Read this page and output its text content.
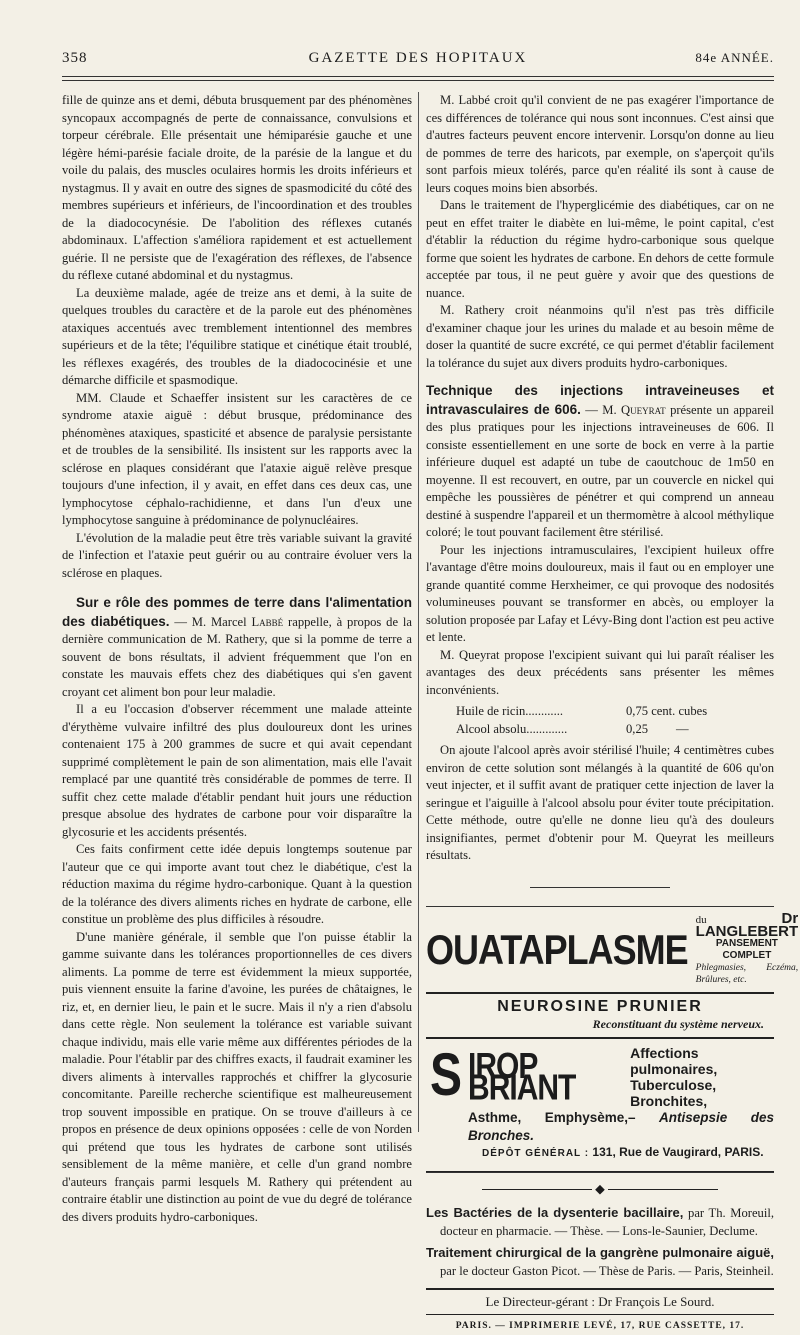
358	GAZETTE DES HOPITAUX	84e ANNÉE.

fille de quinze ans et demi, débuta brusquement par des phénomènes syncopaux accompagnés de perte de connaissance, convulsions et torpeur cérébrale. Elle présentait une hémiparésie gauche et une légère hémi-parésie faciale droite, de la parésie de la langue et du voile du palais, des muscles oculaires hormis les droits inférieurs et nystagmus. Il y avait en outre des signes de spasmodicité du côté des membres supérieurs et inférieurs, de l'incoordination et des troubles de la diadococynésie. De l'abolition des réflexes cutanés abdominaux. L'affection s'améliora rapidement et est actuellement guérie. Il ne persiste que de l'exagération des réflexes, de l'absence du réflexe cutané abdominal et du nystagmus.

La deuxième malade, agée de treize ans et demi, à la suite de quelques troubles du caractère et de la parole eut des phénomènes ataxiques accentués avec tremblement intentionnel des membres supérieurs et de la tête; l'équilibre statique et cinétique était troublé, les réflexes exagérés, des troubles de la diadococinésie et une démarche difficile et spasmodique.

MM. Claude et Schaeffer insistent sur les caractères de ce syndrome ataxie aiguë : début brusque, prédominance des phénomènes ataxiques, spasticité et absence de paralysie persistante et de troubles de la sensibilité. Ils insistent sur les rapports avec la sclérose en plaques considérant que l'ataxie aiguë relève presque toujours d'une infection, il y avait, en effet dans ces deux cas, une lymphocytose céphalo-rachidienne, et dans l'un d'eux une lymphocytose sanguine à prédominance de polynucléaires.

L'évolution de la maladie peut être très variable suivant la gravité de l'infection et l'ataxie peut guérir ou au contraire évoluer vers la sclérose en plaques.

Sur e rôle des pommes de terre dans l'alimentation des diabétiques. — M. Marcel Labbé rappelle, à propos de la dernière communication de M. Rathery, que si la pomme de terre a souvent de bons résultats, il advient fréquemment que l'on en constate les mauvais effets chez des diabétiques qui s'en gavent croyant cet aliment bon pour leur maladie.

Il a eu l'occasion d'observer récemment une malade atteinte d'érythème vulvaire infiltré des plus douloureux dont les urines contenaient 175 à 200 grammes de sucre et qui avait cependant supprimé complètement le pain de son alimentation, mais elle l'avait remplacé par une quantité très considérable de pommes de terre. Il suffit chez cette malade d'établir pendant huit jours une réduction presque absolue des hydrates de carbone pour voir disparaître la glycosurie et les accidents présentés.

Ces faits confirment cette idée depuis longtemps soutenue par l'auteur que ce qui importe avant tout chez le diabétique, c'est la réduction maxima du régime hydro-carbonique. Quant à la question de la tolérance des divers aliments riches en hydrate de carbone, elle constitue un problème des plus difficiles à résoudre.

D'une manière générale, il semble que l'on puisse établir la gamme suivante dans les tolérances proportionnelles de ces divers aliments. La pomme de terre est évidemment la mieux supportée, puis viennent ensuite la farine d'avoine, les purées de châtaignes, le riz, et, en dernier lieu, le pain et le sucre. Mais il n'y a rien d'absolu dans cette règle. Non seulement la tolérance est variable suivant chaque individu, mais elle varie même aux différentes périodes de la maladie. Pour l'établir par des chiffres exacts, il faudrait examiner les divers aliments à intervalles rapprochés et chiffrer la glycosurie concomitante. Pareille recherche scientifique est malheureusement trop souvent impossible en pratique. On se trouve d'ailleurs à ce propos en présence de deux opinions opposées : celle de von Norden qui prétend que tous les hydrates de carbone sont utilisés sensiblement de la même manière, et celle d'un grand nombre d'auteurs français parmi lesquels M. Rathery qui prétendent au contraire établir une distinction au point de vue du degré de tolérance des divers produits hydro-carboniques.

M. Labbé croit qu'il convient de ne pas exagérer l'importance de ces différences de tolérance qui nous sont inconnues. C'est ainsi que d'autres facteurs peuvent encore intervenir. Lorsqu'on donne au lieu de pommes de terre des haricots, par exemple, on s'aperçoit qu'ils sont parfois mieux tolérés, parce qu'en réalité ils sont à cause de leurs coques moins bien absorbés.

Dans le traitement de l'hyperglicémie des diabétiques, car on ne peut en effet traiter le diabète en lui-même, le point capital, c'est d'établir la réduction du régime hydro-carbonique sous quelque forme que soient les hydrates de carbone. En dehors de cette formule acceptée par tous, il ne peut guère y avoir que des questions de nuance.

M. Rathery croit néanmoins qu'il n'est pas très difficile d'examiner chaque jour les urines du malade et au besoin même de doser la quantité de sucre excrété, ce qui permet d'établir facilement la tolérance du sujet aux divers produits hydro-carboniques.

Technique des injections intraveineuses et intravasculaires de 606. — M. Queyrat présente un appareil des plus pratiques pour les injections intraveineuses de 606. Il consiste essentiellement en une sorte de bock en verre à la partie inférieure duquel est adapté un tube de caoutchouc de 1m50 en moyenne. Il est recouvert, en outre, par un couvercle en nickel qui empêche les poussières de pénétrer et qui comprend un anneau destiné à suspendre l'appareil et un thermomètre à alcool méthylique coloré; le tout pouvant facilement être stérilisé.

Pour les injections intramusculaires, l'excipient huileux offre l'avantage d'être moins douloureux, mais il faut ou en employer une grande quantité comme Herxheimer, ce qui provoque des nodosités volumineuses pouvant se transformer en abcès, ou employer la solution proposée par Lafay et Lévy-Bing dont l'action est peu active et lente.

M. Queyrat propose l'excipient suivant qui lui paraît réaliser les avantages des deux précédents sans présenter les mêmes inconvénients.

Huile de ricin............	0,75 cent. cubes
Alcool absolu.............	0,25	—

On ajoute l'alcool après avoir stérilisé l'huile; 4 centimètres cubes environ de cette solution sont mélangés à la quantité de 606 qu'on veut injecter, et il suffit avant de pratiquer cette injection de laver la seringue et l'aiguille à l'alcool absolu pour éviter toute précipitation. Cette méthode, outre qu'elle ne donne lieu qu'à des douleurs insignifiantes, permet d'obtenir pour M. Queyrat les meilleurs résultats.

OUATAPLASME
du	Dr LANGLEBERT
PANSEMENT COMPLET
Phlegmasies, Eczéma, Brûlures, etc.
NEUROSINE PRUNIER
Reconstituant du système nerveux.
S IROP BRIANT
Affections pulmonaires,
Tuberculose, Bronchites,
Asthme, Emphysème,– Antisepsie des Bronches.
DÉPÔT GÉNÉRAL : 131, Rue de Vaugirard, PARIS.
◆

Les Bactéries de la dysenterie bacillaire, par Th. Moreuil, docteur en pharmacie. — Thèse. — Lons-le-Saunier, Declume.

Traitement chirurgical de la gangrène pulmonaire aiguë, par le docteur Gaston Picot. — Thèse de Paris. — Paris, Steinheil.

Le Directeur-gérant : Dr François Le Sourd.
PARIS. — IMPRIMERIE LEVÉ, 17, RUE CASSETTE, 17.
